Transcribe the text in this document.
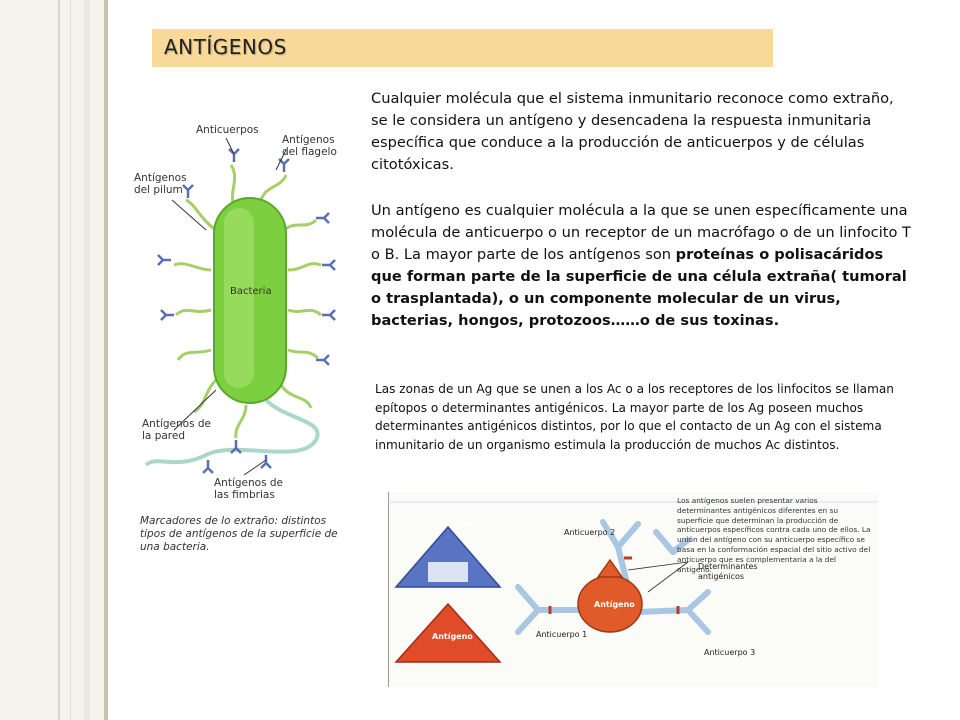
ANTÍGENOS
Cualquier molécula que el sistema inmunitario reconoce como extraño, se le considera un antígeno y desencadena la respuesta inmunitaria específica que conduce a la producción de anticuerpos y de células citotóxicas.
Un antígeno es cualquier molécula a la que se unen específicamente una molécula de anticuerpo o un receptor de un macrófago o de un linfocito T o B. La mayor parte de los antígenos son proteínas o polisacáridos que forman parte de la superficie de una célula extraña( tumoral o trasplantada), o un componente molecular de un virus, bacterias, hongos, protozoos……o de sus toxinas.
Las zonas de un Ag que se unen a los Ac o a los receptores de los linfocitos se llaman epítopos o determinantes antigénicos. La mayor parte de los Ag poseen muchos determinantes antigénicos distintos, por lo que el contacto de un Ag con el sistema inmunitario de un organismo estimula la producción de muchos Ac distintos.
Anticuerpos
Antígenos del flagelo
Antígenos del pilum
Bacteria
Antígenos de la pared
Antígenos de las fimbrias
Marcadores de lo extraño: distintos tipos de antígenos de la superficie de una bacteria.
Los antígenos suelen presentar varios determinantes antigénicos diferentes en su superficie que determinan la producción de anticuerpos específicos contra cada uno de ellos. La unión del antígeno con su anticuerpo específico se basa en la conformación espacial del sitio activo del anticuerpo que es complementaria a la del antígeno.
Anticuerpo
Antígeno
Anticuerpo 2
Determinantes antigénicos
Antígeno
Anticuerpo 1
Anticuerpo 3
